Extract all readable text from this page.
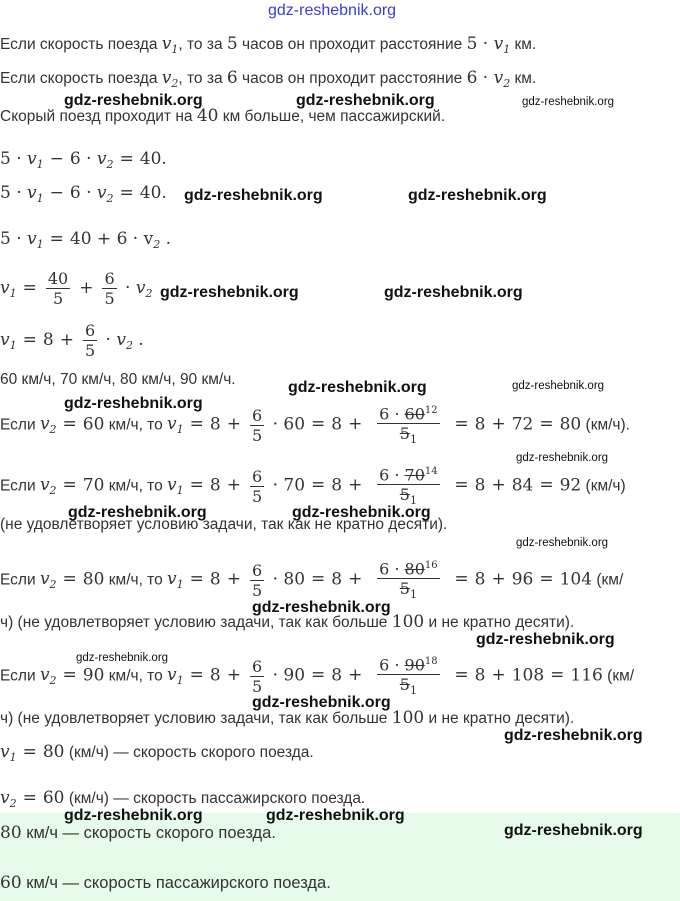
gdz-reshebnik.org
Если скорость поезда $v_1$, то за 5 часов он проходит расстояние $5 \cdot v_1$ км.
Если скорость поезда $v_2$, то за 6 часов он проходит расстояние $6 \cdot v_2$ км.
Скорый поезд проходит на 40 км больше, чем пассажирский.
$5 \cdot v_1 - 6 \cdot v_2 = 40$.
$5 \cdot v_1 - 6 \cdot v_2 = 40$.
$5 \cdot v_1 = 40 + 6 \cdot v_2$ .
$v_1 = \frac{40}{5} + \frac{6}{5} \cdot v_2$
$v_1 = 8 + \frac{6}{5} \cdot v_2$ .
60 км/ч, 70 км/ч, 80 км/ч, 90 км/ч.
Если $v_2 = 60$ км/ч, то $v_1 = 8 + \frac{6}{5} \cdot 60 = 8 + \frac{6 \cdot 60^{12}}{5_1} = 8 + 72 = 80$ (км/ч).
Если $v_2 = 70$ км/ч, то $v_1 = 8 + \frac{6}{5} \cdot 70 = 8 + \frac{6 \cdot 70^{14}}{5_1} = 8 + 84 = 92$ (км/ч)
(не удовлетворяет условию задачи, так как не кратно десяти).
Если $v_2 = 80$ км/ч, то $v_1 = 8 + \frac{6}{5} \cdot 80 = 8 + \frac{6 \cdot 80^{16}}{5_1} = 8 + 96 = 104$ (км/
ч) (не удовлетворяет условию задачи, так как больше 100 и не кратно десяти).
Если $v_2 = 90$ км/ч, то $v_1 = 8 + \frac{6}{5} \cdot 90 = 8 + \frac{6 \cdot 90^{18}}{5_1} = 8 + 108 = 116$ (км/
ч) (не удовлетворяет условию задачи, так как больше 100 и не кратно десяти).
$v_1 = 80$ (км/ч) — скорость скорого поезда.
$v_2 = 60$ (км/ч) — скорость пассажирского поезда.
80 км/ч — скорость скорого поезда.
60 км/ч — скорость пассажирского поезда.
gdz-reshebnik.org	gdz-reshebnik.org	gdz-reshebnik.org
gdz-reshebnik.org	gdz-reshebnik.org
gdz-reshebnik.org	gdz-reshebnik.org
gdz-reshebnik.org	gdz-reshebnik.org
gdz-reshebnik.org
gdz-reshebnik.org
gdz-reshebnik.org	gdz-reshebnik.org
gdz-reshebnik.org
gdz-reshebnik.org
gdz-reshebnik.org
gdz-reshebnik.org
gdz-reshebnik.org
gdz-reshebnik.org
gdz-reshebnik.org	gdz-reshebnik.org
gdz-reshebnik.org
